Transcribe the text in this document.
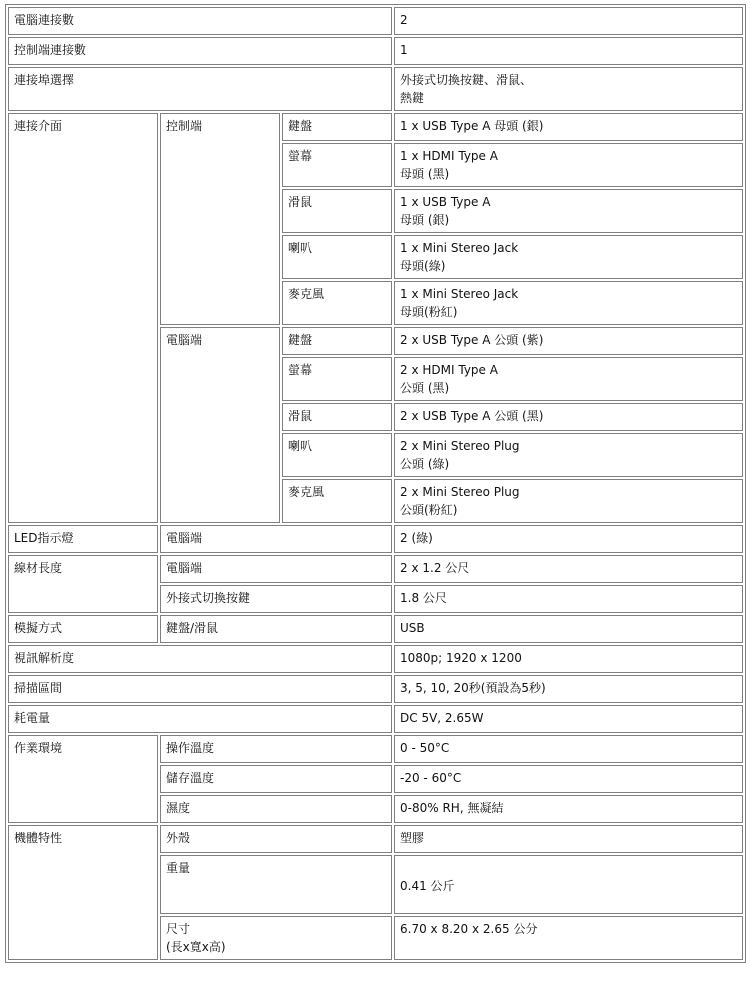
電腦連接數			2

控制端連接數			1

連接埠選擇			外接式切換按鍵、滑鼠、
熱鍵

連接介面	控制端	鍵盤	1 x USB Type A 母頭 (銀)

		螢幕	1 x HDMI Type A
母頭 (黑)

		滑鼠	1 x USB Type A
母頭 (銀)

		喇叭	1 x Mini Stereo Jack
母頭(綠)

		麥克風	1 x Mini Stereo Jack
母頭(粉紅)

	電腦端	鍵盤	2 x USB Type A 公頭 (紫)

		螢幕	2 x HDMI Type A
公頭 (黑)

		滑鼠	2 x USB Type A 公頭 (黑)

		喇叭	2 x Mini Stereo Plug
公頭 (綠)

		麥克風	2 x Mini Stereo Plug
公頭(粉紅)

LED指示燈	電腦端		2 (綠)
線材長度	電腦端		2 x 1.2 公尺
	外接式切換按鍵		1.8 公尺
模擬方式	鍵盤/滑鼠		USB
視訊解析度			1080p; 1920 x 1200
掃描區間			3, 5, 10, 20秒(預設為5秒)
耗電量			DC 5V, 2.65W
作業環境	操作溫度		0 - 50°C
	儲存溫度		-20 - 60°C
	濕度		0-80% RH, 無凝結
機體特性	外殼		塑膠

	重量		0.41 公斤

	尺寸
(長x寬x高)		6.70 x 8.20 x 2.65 公分
